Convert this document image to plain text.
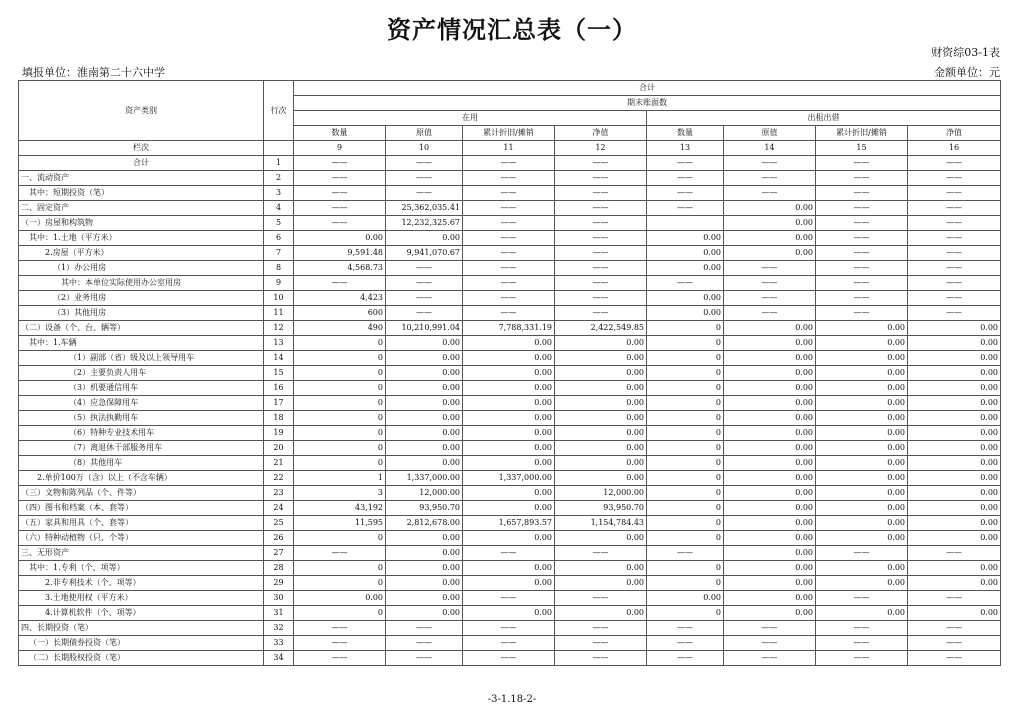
资产情况汇总表（一）
财资综03-1表
填报单位：淮南第二十六中学	金额单位：元
资产类别	行次	合计							
		期末账面数							
		在用				出租出借			
		数量	原值	累计折旧/摊销	净值	数量	原值	累计折旧/摊销	净值
栏次		9	10	11	12	13	14	15	16
合计	1	——	——	——	——	——	——	——	——
一、流动资产	2	——	——	——	——	——	——	——	——
其中：短期投资（笔）	3	——	——	——	——	——	——	——	——
二、固定资产	4	——	25,362,035.41	——	——	——	0.00	——	——
（一）房屋和构筑物	5	——	12,232,325.67	——	——		0.00	——	——
其中：1.土地（平方米）	6	0.00	0.00	——	——	0.00	0.00	——	——
2.房屋（平方米）	7	9,591.48	9,941,070.67	——	——	0.00	0.00	——	——
（1）办公用房	8	4,568.73	——	——	——	0.00	——	——	——
其中：本单位实际使用办公室用房	9	——	——	——	——	——	——	——	——
（2）业务用房	10	4,423	——	——	——	0.00	——	——	——
（3）其他用房	11	600	——	——	——	0.00	——	——	——
（二）设备（个、台、辆等）	12	490	10,210,991.04	7,788,331.19	2,422,549.85	0	0.00	0.00	0.00
其中：1.车辆	13	0	0.00	0.00	0.00	0	0.00	0.00	0.00
（1）副部（省）级及以上领导用车	14	0	0.00	0.00	0.00	0	0.00	0.00	0.00
（2）主要负责人用车	15	0	0.00	0.00	0.00	0	0.00	0.00	0.00
（3）机要通信用车	16	0	0.00	0.00	0.00	0	0.00	0.00	0.00
（4）应急保障用车	17	0	0.00	0.00	0.00	0	0.00	0.00	0.00
（5）执法执勤用车	18	0	0.00	0.00	0.00	0	0.00	0.00	0.00
（6）特种专业技术用车	19	0	0.00	0.00	0.00	0	0.00	0.00	0.00
（7）离退休干部服务用车	20	0	0.00	0.00	0.00	0	0.00	0.00	0.00
（8）其他用车	21	0	0.00	0.00	0.00	0	0.00	0.00	0.00
2.单价100万（含）以上（不含车辆）	22	1	1,337,000.00	1,337,000.00	0.00	0	0.00	0.00	0.00
（三）文物和陈列品（个、件等）	23	3	12,000.00	0.00	12,000.00	0	0.00	0.00	0.00
（四）图书和档案（本、套等）	24	43,192	93,950.70	0.00	93,950.70	0	0.00	0.00	0.00
（五）家具和用具（个、套等）	25	11,595	2,812,678.00	1,657,893.57	1,154,784.43	0	0.00	0.00	0.00
（六）特种动植物（只、个等）	26	0	0.00	0.00	0.00	0	0.00	0.00	0.00
三、无形资产	27	——	0.00	——	——	——	0.00	——	——
其中：1.专利（个、项等）	28	0	0.00	0.00	0.00	0	0.00	0.00	0.00
2.非专利技术（个、项等）	29	0	0.00	0.00	0.00	0	0.00	0.00	0.00
3.土地使用权（平方米）	30	0.00	0.00	——	——	0.00	0.00	——	——
4.计算机软件（个、项等）	31	0	0.00	0.00	0.00	0	0.00	0.00	0.00
四、长期投资（笔）	32	——	——	——	——	——	——	——	——
（一）长期债券投资（笔）	33	——	——	——	——	——	——	——	——
（二）长期股权投资（笔）	34	——	——	——	——	——	——	——	——
-3-1.18-2-
